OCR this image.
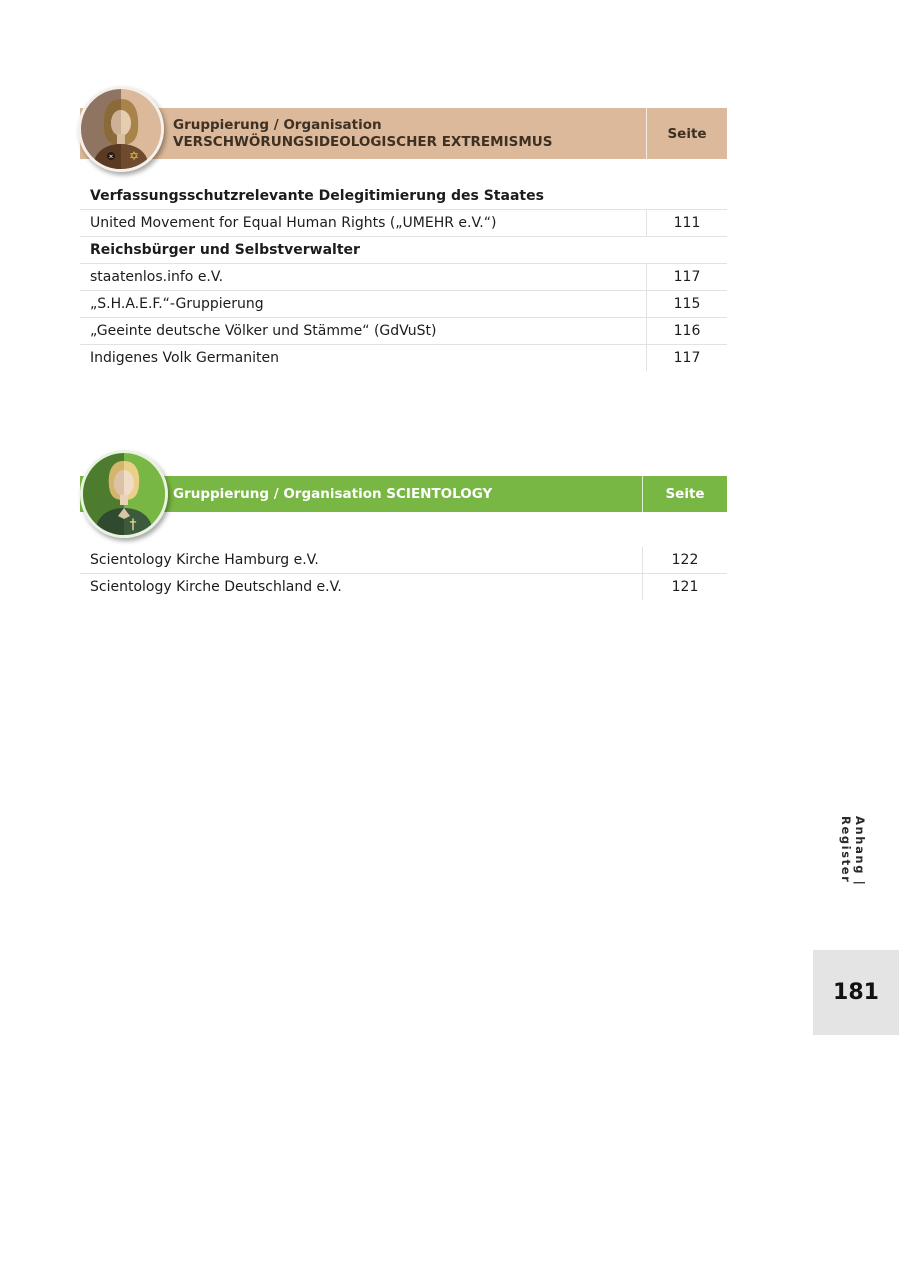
Gruppierung / Organisation
VERSCHWÖRUNGSIDEOLOGISCHER EXTREMISMUS	Seite
✕ ✡
Verfassungsschutzrelevante Delegitimierung des Staates
United Movement for Equal Human Rights („UMEHR e.V.“)	111
Reichsbürger und Selbstverwalter
staatenlos.info e.V.	117
„S.H.A.E.F.“-Gruppierung	115
„Geeinte deutsche Völker und Stämme“ (GdVuSt)	116
Indigenes Volk Germaniten	117
Gruppierung / Organisation SCIENTOLOGY	Seite
†
Scientology Kirche Hamburg e.V.	122
Scientology Kirche Deutschland e.V.	121
Anhang | Register
181
